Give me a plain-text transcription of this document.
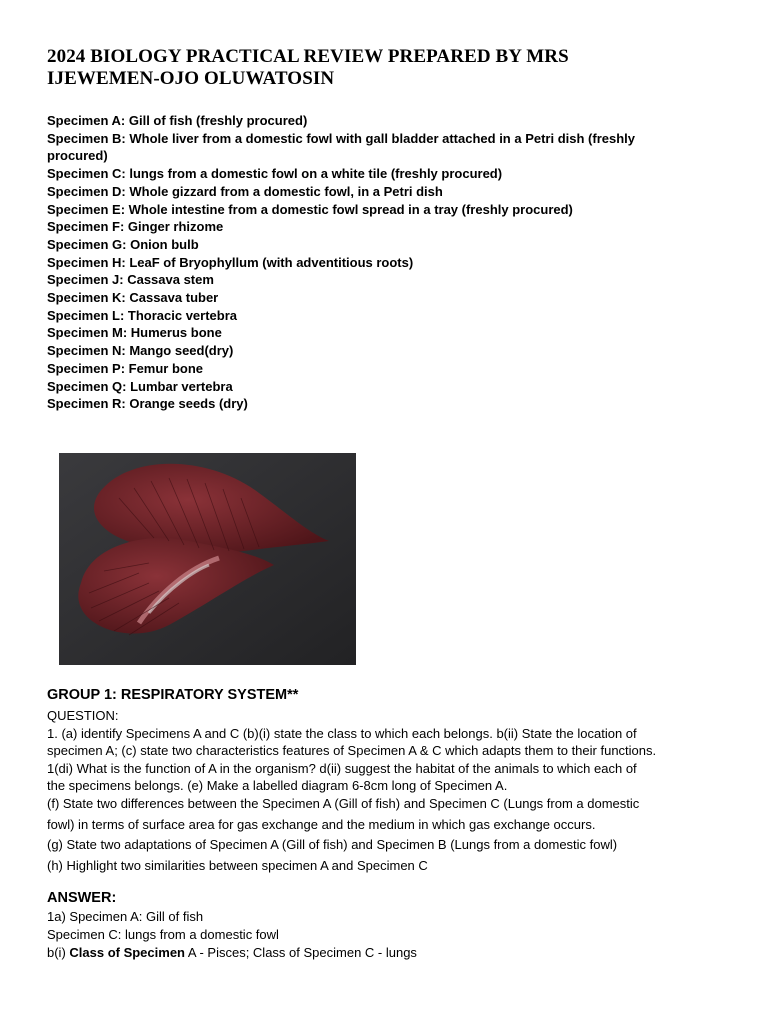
2024 BIOLOGY PRACTICAL REVIEW PREPARED BY MRS
IJEWEMEN-OJO OLUWATOSIN
Specimen A: Gill of fish (freshly procured)
Specimen B: Whole liver from a domestic fowl with gall bladder attached in a Petri dish (freshly
procured)
Specimen C: lungs from a domestic fowl on a white tile (freshly procured)
Specimen D: Whole gizzard from a domestic fowl, in a Petri dish
Specimen E: Whole intestine from a domestic fowl spread in a tray (freshly procured)
Specimen F: Ginger rhizome
Specimen G: Onion bulb
Specimen H: LeaF of Bryophyllum (with adventitious roots)
Specimen J: Cassava stem
Specimen K: Cassava tuber
Specimen L: Thoracic vertebra
Specimen M: Humerus bone
Specimen N: Mango seed(dry)
Specimen P: Femur bone
Specimen Q: Lumbar vertebra
Specimen R: Orange seeds (dry)
GROUP 1: RESPIRATORY SYSTEM**

QUESTION:

1. (a) identify Specimens A and C (b)(i) state the class to which each belongs. b(ii) State the location of

specimen A; (c) state two characteristics features of Specimen A & C which adapts them to their functions.

1(di) What is the function of A in the organism? d(ii) suggest the habitat of the animals to which each of

the specimens belongs. (e) Make a labelled diagram 6-8cm long of Specimen A.

(f) State two differences between the Specimen A (Gill of fish) and Specimen C (Lungs from a domestic

fowl) in terms of surface area for gas exchange and the medium in which gas exchange occurs.

(g) State two adaptations of Specimen A (Gill of fish) and Specimen B (Lungs from a domestic fowl)

(h) Highlight two similarities between specimen A and Specimen C

ANSWER:

1a) Specimen A: Gill of fish

Specimen C: lungs from a domestic fowl

b(i) Class of Specimen A - Pisces; Class of Specimen C - lungs
